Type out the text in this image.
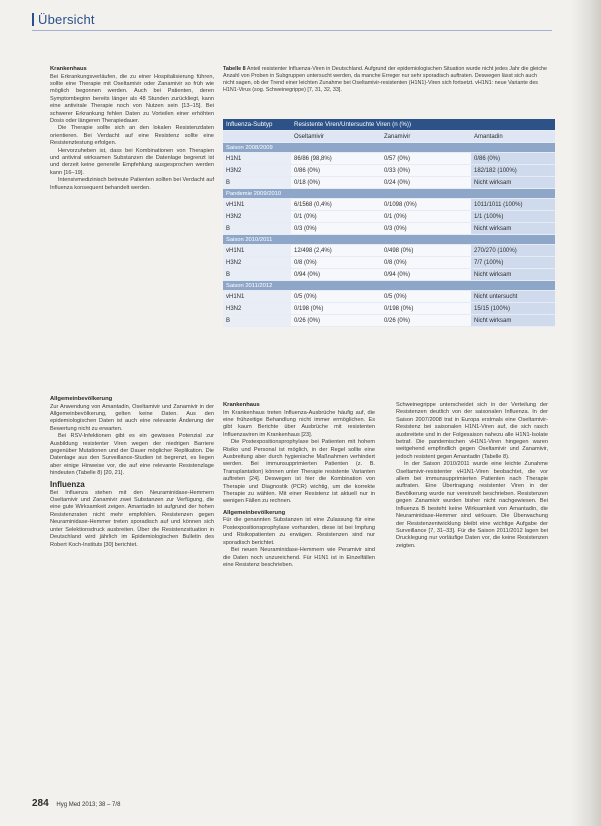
Übersicht
Krankenhaus

Bei Erkrankungsverläufen, die zu einer Hospitalisierung führen, sollte eine Therapie mit Oseltamivir oder Zanamivir so früh wie möglich begonnen werden. Auch bei Patienten, deren Symptombeginn bereits länger als 48 Stunden zurückliegt, kann eine antivirale Therapie noch von Nutzen sein [13–15]. Bei schwerer Erkrankung fehlen Daten zu Vorteilen einer erhöhten Dosis oder längeren Therapiedauer.

Die Therapie sollte sich an den lokalen Resistenzdaten orientieren. Bei Verdacht auf eine Resistenz sollte eine Resistenztestung erfolgen.

Hervorzuheben ist, dass bei Kombinationen von Therapien und antiviral wirksamen Substanzen die Datenlage begrenzt ist und derzeit keine generelle Empfehlung ausgesprochen werden kann [16–19].

Intensivmedizinisch betreute Patienten sollten bei Verdacht auf Influenza konsequent behandelt werden.

Tabelle 8 Anteil resistenter Influenza-Viren in Deutschland. Aufgrund der epidemiologischen Situation wurde nicht jedes Jahr die gleiche Anzahl von Proben in Subgruppen untersucht werden, da manche Erreger nur sehr sporadisch auftraten. Deswegen lässt sich auch nicht sagen, ob der Trend einer leichten Zunahme bei Oseltamivir-resistenten (H1N1)-Viren sich fortsetzt. vH1N1: neue Variante des H1N1-Virus (sog. Schweinegrippe) [7, 31, 32, 33].
Influenza-Subtyp	Resistente Viren/Untersuchte Viren (n (%))		
	Oseltamivir	Zanamivir	Amantadin
Saison 2008/2009			
H1N1	86/86 (98,8%)	0/57 (0%)	0/86 (0%)
H3N2	0/86 (0%)	0/33 (0%)	182/182 (100%)
B	0/18 (0%)	0/24 (0%)	Nicht wirksam
Pandemie 2009/2010			
vH1N1	6/1568 (0,4%)	0/1098 (0%)	1011/1011 (100%)
H3N2	0/1 (0%)	0/1 (0%)	1/1 (100%)
B	0/3 (0%)	0/3 (0%)	Nicht wirksam
Saison 2010/2011			
vH1N1	12/498 (2,4%)	0/498 (0%)	270/270 (100%)
H3N2	0/8 (0%)	0/8 (0%)	7/7 (100%)
B	0/94 (0%)	0/94 (0%)	Nicht wirksam
Saison 2011/2012			
vH1N1	0/5 (0%)	0/5 (0%)	Nicht untersucht
H3N2	0/198 (0%)	0/198 (0%)	15/15 (100%)
B	0/26 (0%)	0/26 (0%)	Nicht wirksam
Allgemeinbevölkerung

Zur Anwendung von Amantadin, Oseltamivir und Zanamivir in der Allgemeinbevölkerung, gelten keine Daten. Aus den epidemiologischen Daten ist auch eine relevante Änderung der Bewertung nicht zu erwarten.

Bei RSV-Infektionen gibt es ein gewisses Potenzial zur Ausbildung resistenter Viren wegen der niedrigen Barriere gegenüber Mutationen und der Dauer möglicher Replikation. Die Datenlage aus den Surveillance-Studien ist begrenzt, es liegen aber einige Hinweise vor, die auf eine relevante Resistenzlage hindeuten (Tabelle 8) [20, 21].

Influenza

Bei Influenza stehen mit den Neuraminidase-Hemmern Oseltamivir und Zanamivir zwei Substanzen zur Verfügung, die eine gute Wirksamkeit zeigen. Amantadin ist aufgrund der hohen Resistenzraten nicht mehr empfohlen. Resistenzen gegen Neuraminidase-Hemmer treten sporadisch auf und können sich unter Selektionsdruck ausbreiten. Über die Resistenzsituation in Deutschland wird jährlich im Epidemiologischen Bulletin des Robert Koch-Instituts [30] berichtet.

Krankenhaus

Im Krankenhaus treten Influenza-Ausbrüche häufig auf, die eine frühzeitige Behandlung nicht immer ermöglichen. Es gibt kaum Berichte über Ausbrüche mit resistenten Influenzaviren im Krankenhaus [23].

Die Postexpositionsprophylaxe bei Patienten mit hohem Risiko und Personal ist möglich, in der Regel sollte eine Ausbreitung aber durch hygienische Maßnahmen verhindert werden. Bei immunsupprimierten Patienten (z. B. Transplantation) können unter Therapie resistente Varianten auftreten [24]. Deswegen ist hier die Kombination von Therapie und Diagnostik (PCR) wichtig, um die korrekte Therapie zu wählen. Mit einer Resistenz ist aktuell nur in wenigen Fällen zu rechnen.

Allgemeinbevölkerung

Für die genannten Substanzen ist eine Zulassung für eine Postexpositionsprophylaxe vorhanden, diese ist bei Impfung und Risikopatienten zu erwägen. Resistenzen sind nur sporadisch berichtet.

Bei neuen Neuraminidase-Hemmern wie Peramivir sind die Daten noch unzureichend. Für H1N1 ist in Einzelfällen eine Resistenz beschrieben.

Schweinegrippe unterscheidet sich in der Verteilung der Resistenzen deutlich von der saisonalen Influenza. In der Saison 2007/2008 trat in Europa erstmals eine Oseltamivir-Resistenz bei saisonalen H1N1-Viren auf, die sich rasch ausbreitete und in der Folgesaison nahezu alle H1N1-Isolate betraf. Die pandemischen vH1N1-Viren hingegen waren weitgehend empfindlich gegen Oseltamivir und Zanamivir, jedoch resistent gegen Amantadin (Tabelle 8).

In der Saison 2010/2011 wurde eine leichte Zunahme Oseltamivir-resistenter vH1N1-Viren beobachtet, die vor allem bei immunsupprimierten Patienten nach Therapie auftraten. Eine Übertragung resistenter Viren in der Bevölkerung wurde nur vereinzelt beschrieben. Resistenzen gegen Zanamivir wurden bisher nicht nachgewiesen. Bei Influenza B besteht keine Wirksamkeit von Amantadin, die Neuraminidase-Hemmer sind wirksam. Die Überwachung der Resistenzentwicklung bleibt eine wichtige Aufgabe der Surveillance [7, 31–33]. Für die Saison 2011/2012 lagen bei Drucklegung nur vorläufige Daten vor, die keine Resistenzen zeigten.

284 Hyg Med 2013; 38 – 7/8
